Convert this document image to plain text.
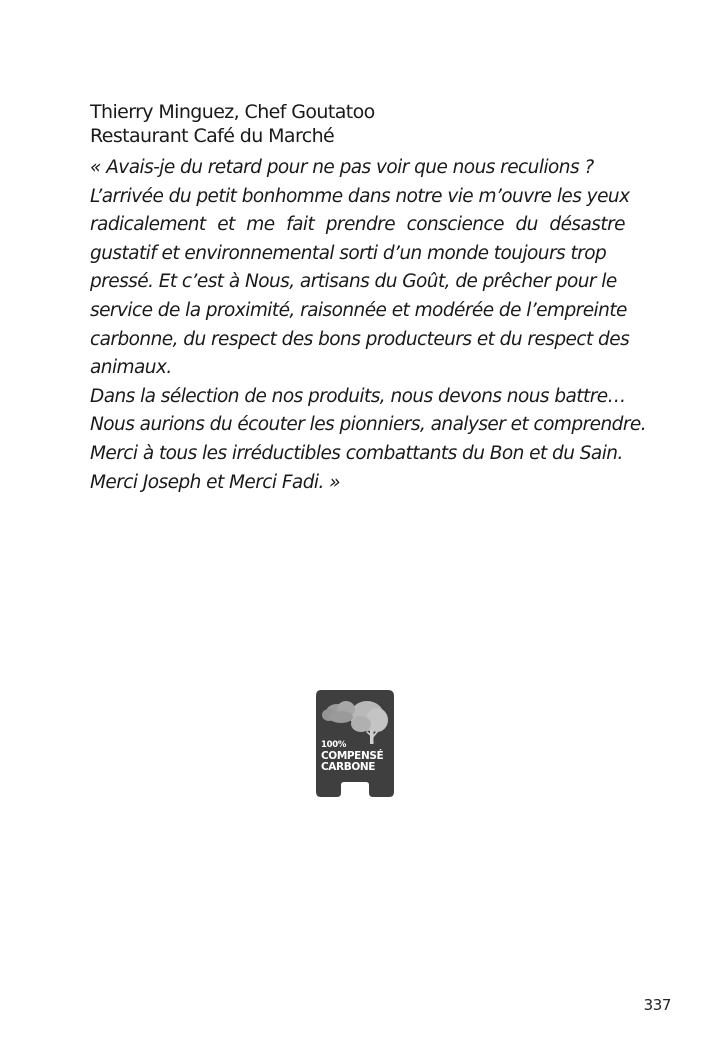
Thierry Minguez, Chef Goutatoo
Restaurant Café du Marché
« Avais-je du retard pour ne pas voir que nous reculions ?
L’arrivée du petit bonhomme dans notre vie m’ouvre les yeux
radicalement et me fait prendre conscience du désastre
gustatif et environnemental sorti d’un monde toujours trop
pressé. Et c’est à Nous, artisans du Goût, de prêcher pour le
service de la proximité, raisonnée et modérée de l’empreinte
carbonne, du respect des bons producteurs et du respect des
animaux.
Dans la sélection de nos produits, nous devons nous battre…
Nous aurions du écouter les pionniers, analyser et comprendre.
Merci à tous les irréductibles combattants du Bon et du Sain.
Merci Joseph et Merci Fadi. »
100%
COMPENSÉ
CARBONE
337
